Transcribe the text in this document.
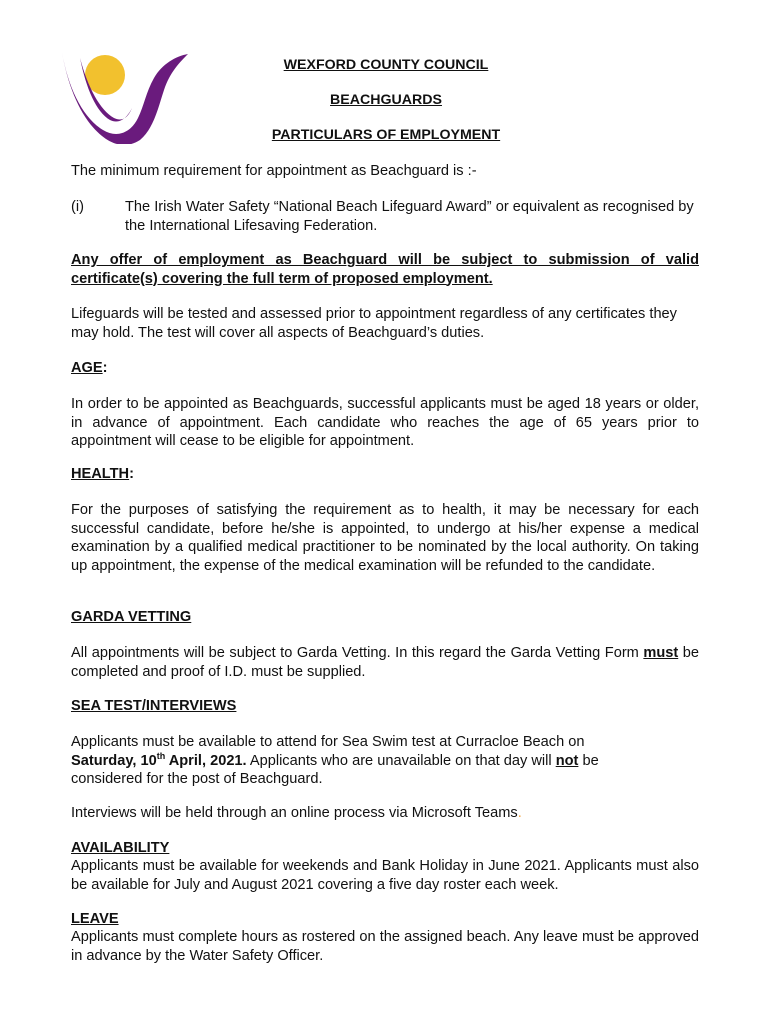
WEXFORD COUNTY COUNCIL
BEACHGUARDS
PARTICULARS OF EMPLOYMENT
The minimum requirement for appointment as Beachguard is :-
(i)	The Irish Water Safety “National Beach Lifeguard Award” or equivalent as recognised by the International Lifesaving Federation.
Any offer of employment as Beachguard will be subject to submission of valid certificate(s) covering the full term of proposed employment.
Lifeguards will be tested and assessed prior to appointment regardless of any certificates they may hold. The test will cover all aspects of Beachguard’s duties.
AGE:
In order to be appointed as Beachguards, successful applicants must be aged 18 years or older, in advance of appointment. Each candidate who reaches the age of 65 years prior to appointment will cease to be eligible for appointment.
HEALTH:
For the purposes of satisfying the requirement as to health, it may be necessary for each successful candidate, before he/she is appointed, to undergo at his/her expense a medical examination by a qualified medical practitioner to be nominated by the local authority. On taking up appointment, the expense of the medical examination will be refunded to the candidate.
GARDA VETTING
All appointments will be subject to Garda Vetting. In this regard the Garda Vetting Form must be completed and proof of I.D. must be supplied.
SEA TEST/INTERVIEWS
Applicants must be available to attend for Sea Swim test at Curracloe Beach on Saturday, 10th April, 2021. Applicants who are unavailable on that day will not be considered for the post of Beachguard.
Interviews will be held through an online process via Microsoft Teams.
AVAILABILITY
Applicants must be available for weekends and Bank Holiday in June 2021. Applicants must also be available for July and August 2021 covering a five day roster each week.
LEAVE
Applicants must complete hours as rostered on the assigned beach. Any leave must be approved in advance by the Water Safety Officer.
